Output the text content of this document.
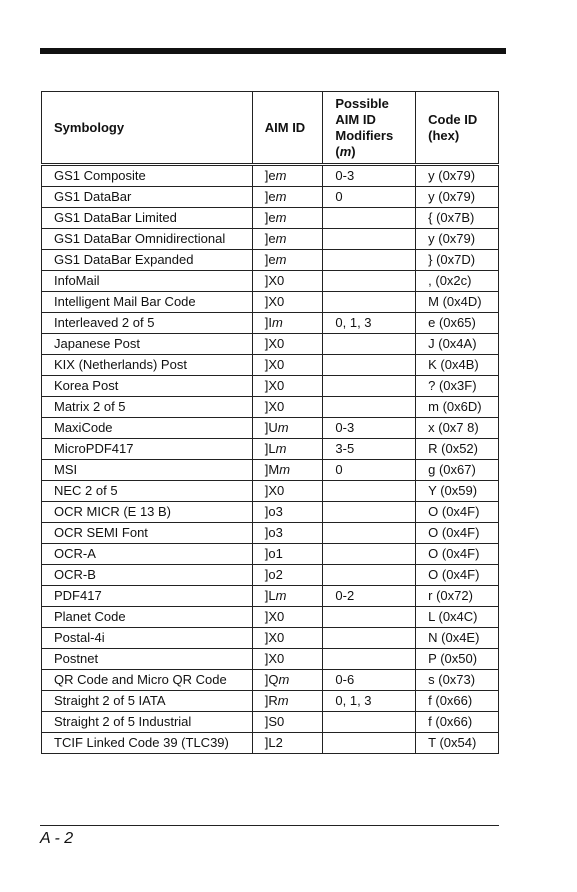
Symbology	AIM ID	Possible AIM ID Modifiers (m)	Code ID (hex)
GS1 Composite	]em	0-3	y (0x79)
GS1 DataBar	]em	0	y (0x79)
GS1 DataBar Limited	]em		{ (0x7B)
GS1 DataBar Omnidirectional	]em		y (0x79)
GS1 DataBar Expanded	]em		} (0x7D)
InfoMail	]X0		, (0x2c)
Intelligent Mail Bar Code	]X0		M (0x4D)
Interleaved 2 of 5	]Im	0, 1, 3	e (0x65)
Japanese Post	]X0		J (0x4A)
KIX (Netherlands) Post	]X0		K (0x4B)
Korea Post	]X0		? (0x3F)
Matrix 2 of 5	]X0		m (0x6D)
MaxiCode	]Um	0-3	x (0x7 8)
MicroPDF417	]Lm	3-5	R (0x52)
MSI	]Mm	0	g (0x67)
NEC 2 of 5	]X0		Y (0x59)
OCR MICR (E 13 B)	]o3		O (0x4F)
OCR SEMI Font	]o3		O (0x4F)
OCR-A	]o1		O (0x4F)
OCR-B	]o2		O (0x4F)
PDF417	]Lm	0-2	r (0x72)
Planet Code	]X0		L (0x4C)
Postal-4i	]X0		N (0x4E)
Postnet	]X0		P (0x50)
QR Code and Micro QR Code	]Qm	0-6	s (0x73)
Straight 2 of 5 IATA	]Rm	0, 1, 3	f (0x66)
Straight 2 of 5 Industrial	]S0		f (0x66)
TCIF Linked Code 39 (TLC39)	]L2		T (0x54)
A - 2
